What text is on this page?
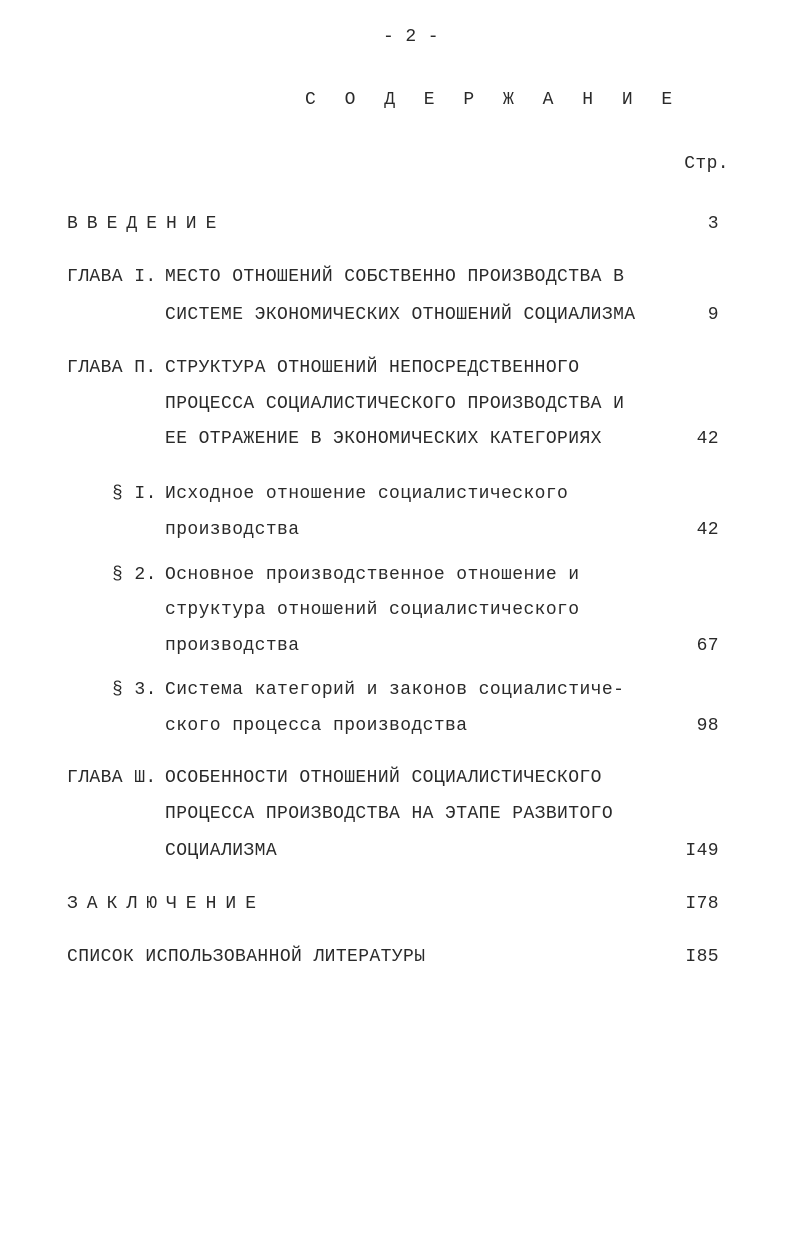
- 2 -
С О Д Е Р Ж А Н И Е
Стр.
ВВЕДЕНИЕ	3
ГЛАВА I. МЕСТО ОТНОШЕНИЙ СОБСТВЕННО ПРОИЗВОДСТВА В
СИСТЕМЕ ЭКОНОМИЧЕСКИХ ОТНОШЕНИЙ СОЦИАЛИЗМА	9
ГЛАВА П. СТРУКТУРА ОТНОШЕНИЙ НЕПОСРЕДСТВЕННОГО
ПРОЦЕССА СОЦИАЛИСТИЧЕСКОГО ПРОИЗВОДСТВА И
ЕЕ ОТРАЖЕНИЕ В ЭКОНОМИЧЕСКИХ КАТЕГОРИЯХ	42
§ I. Исходное отношение социалистического
производства	42
§ 2. Основное производственное отношение и
структура отношений социалистического
производства	67
§ 3. Система категорий и законов социалистиче-
ского процесса производства	98
ГЛАВА Ш. ОСОБЕННОСТИ ОТНОШЕНИЙ СОЦИАЛИСТИЧЕСКОГО
ПРОЦЕССА ПРОИЗВОДСТВА НА ЭТАПЕ РАЗВИТОГО
СОЦИАЛИЗМА	I49
ЗАКЛЮЧЕНИЕ	I78
СПИСОК ИСПОЛЬЗОВАННОЙ ЛИТЕРАТУРЫ	I85
